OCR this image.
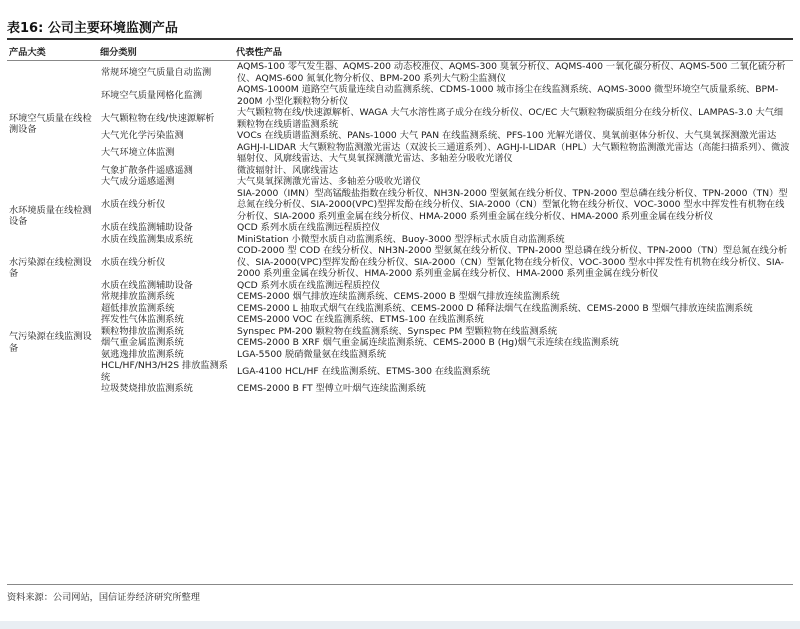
表16: 公司主要环境监测产品
产品大类	细分类别	代表性产品
环境空气质量在线检测设备	常规环境空气质量自动监测	AQMS-100 零气发生器、AQMS-200 动态校准仪、AQMS-300 臭氧分析仪、AQMS-400 一氧化碳分析仪、AQMS-500 二氧化硫分析仪、AQMS-600 氮氧化物分析仪、BPM-200 系列大气粉尘监测仪
	环境空气质量网格化监测	AQMS-1000M 道路空气质量连续自动监测系统、CDMS-1000 城市扬尘在线监测系统、AQMS-3000 微型环境空气质量系统、BPM-200M 小型化颗粒物分析仪
	大气颗粒物在线/快速源解析	大气颗粒物在线/快速源解析、WAGA 大气水溶性离子成分在线分析仪、OC/EC 大气颗粒物碳质组分在线分析仪、LAMPAS-3.0 大气细颗粒物在线质谱监测系统
	大气光化学污染监测	VOCs 在线质谱监测系统、PANs-1000 大气 PAN 在线监测系统、PFS-100 光解光谱仪、臭氧前驱体分析仪、大气臭氧探测激光雷达
	大气环境立体监测	AGHJ-I-LIDAR 大气颗粒物监测激光雷达（双波长三通道系列）、AGHJ-I-LIDAR（HPL）大气颗粒物监测激光雷达（高能扫描系列）、微波辐射仪、风廓线雷达、大气臭氧探测激光雷达、多轴差分吸收光谱仪
	气象扩散条件遥感遥测	微波辐射计、风廓线雷达
	大气成分遥感遥测	大气臭氧探测激光雷达、多轴差分吸收光谱仪
水环境质量在线检测设备	水质在线分析仪	SIA-2000（IMN）型高锰酸盐指数在线分析仪、NH3N-2000 型氨氮在线分析仪、TPN-2000 型总磷在线分析仪、TPN-2000（TN）型总氮在线分析仪、SIA-2000(VPC)型挥发酚在线分析仪、SIA-2000（CN）型氰化物在线分析仪、VOC-3000 型水中挥发性有机物在线分析仪、SIA-2000 系列重金属在线分析仪、HMA-2000 系列重金属在线分析仪、HMA-2000 系列重金属在线分析仪
	水质在线监测辅助设备	QCD 系列水质在线监测远程质控仪
	水质在线监测集成系统	MiniStation 小微型水质自动监测系统、Buoy-3000 型浮标式水质自动监测系统
水污染源在线检测设备	水质在线分析仪	COD-2000 型 COD 在线分析仪、NH3N-2000 型氨氮在线分析仪、TPN-2000 型总磷在线分析仪、TPN-2000（TN）型总氮在线分析仪、SIA-2000(VPC)型挥发酚在线分析仪、SIA-2000（CN）型氰化物在线分析仪、VOC-3000 型水中挥发性有机物在线分析仪、SIA-2000 系列重金属在线分析仪、HMA-2000 系列重金属在线分析仪、HMA-2000 系列重金属在线分析仪
	水质在线监测辅助设备	QCD 系列水质在线监测远程质控仪
气污染源在线监测设备	常规排放监测系统	CEMS-2000 烟气排放连续监测系统、CEMS-2000 B 型烟气排放连续监测系统
	超低排放监测系统	CEMS-2000 L 抽取式烟气在线监测系统、CEMS-2000 D 稀释法烟气在线监测系统、CEMS-2000 B 型烟气排放连续监测系统
	挥发性气体监测系统	CEMS-2000 VOC 在线监测系统、ETMS-100 在线监测系统
	颗粒物排放监测系统	Synspec PM-200 颗粒物在线监测系统、Synspec PM 型颗粒物在线监测系统
	烟气重金属监测系统	CEMS-2000 B XRF 烟气重金属连续监测系统、CEMS-2000 B (Hg)烟气汞连续在线监测系统
	氨逃逸排放监测系统	LGA-5500 脱硝微量氨在线监测系统
	HCL/HF/NH3/H2S 排放监测系统	LGA-4100 HCL/HF 在线监测系统、ETMS-300 在线监测系统
	垃圾焚烧排放监测系统	CEMS-2000 B FT 型傅立叶烟气连续监测系统
资料来源：公司网站，国信证券经济研究所整理
